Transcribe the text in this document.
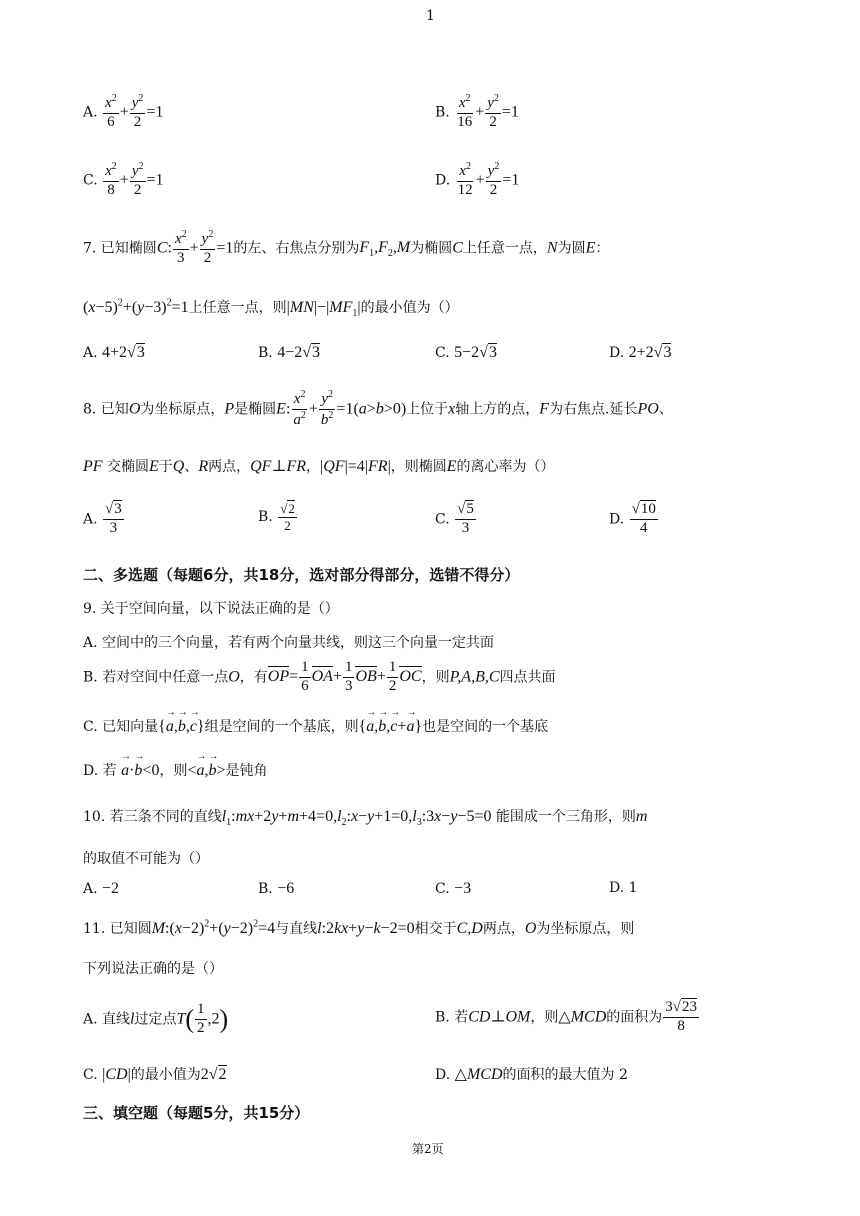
1
A. $\frac{x^2}{6} + \frac{y^2}{2} =1$	B. $\frac{x^2}{16} + \frac{y^2}{2} =1$
C. $\frac{x^2}{8} + \frac{y^2}{2} =1$	D. $\frac{x^2}{12} + \frac{y^2}{2} =1$
7. 已知椭圆C: $\frac{x^2}{3} + \frac{y^2}{2} =1$的左、右焦点分别为$F_1,F_2,M$为椭圆C上任意一点，N为圆E：
$(x-5)^2+(y-3)^2=1$上任意一点，则$|MN|-|MF_1|$的最小值为（）
A. 4+2√3	B. 4−2√3	C. 5−2√3	D. 2+2√3
8. 已知O为坐标原点，P是椭圆E: $\frac{x^2}{a^2} + \frac{y^2}{b^2} =1(a>b>0)$上位于x轴上方的点，F为右焦点.延长PO、
PF 交椭圆E于Q、R两点，QF⊥FR，|QF|=4|FR|，则椭圆E的离心率为（）
A. $\frac{√3}{3}$	B. $\frac{√2}{2}$	C. $\frac{√5}{3}$	D. $\frac{√10}{4}$
二、多选题（每题6分，共18分，选对部分得部分，选错不得分）
9. 关于空间向量，以下说法正确的是（）
A. 空间中的三个向量，若有两个向量共线，则这三个向量一定共面
B. 若对空间中任意一点O，有$OP= \frac{1}{6} OA+ \frac{1}{3} OB+ \frac{1}{2}$ OC，则P,A,B,C四点共面
C. 已知向量{→ a,→ b,→ c}组是空间的一个基底，则{→ a,→ b,→ c+→ a}也是空间的一个基底
D. 若 → a·→ b<0，则<→ a,→ b>是钝角
10. 若三条不同的直线$l_1:mx+2y+m+4=0,l_2:x-y+1=0,l_3:3x-y-5=0$ 能围成一个三角形，则m
的取值不可能为（）
A. −2	B. −6	C. −3	D. 1
11. 已知圆$M:(x-2)^2+(y-2)^2=4$与直线l:2kx+y−k−2=0相交于C,D两点，O为坐标原点，则
下列说法正确的是（）
A. 直线l过定点$T( \frac{1}{2} ,2)$	B. 若CD⊥OM，则△MCD的面积为 $\frac{3√23}{8}$
C. |CD|的最小值为2√2	D. △MCD的面积的最大值为 2
三、填空题（每题5分，共15分）
第2页
